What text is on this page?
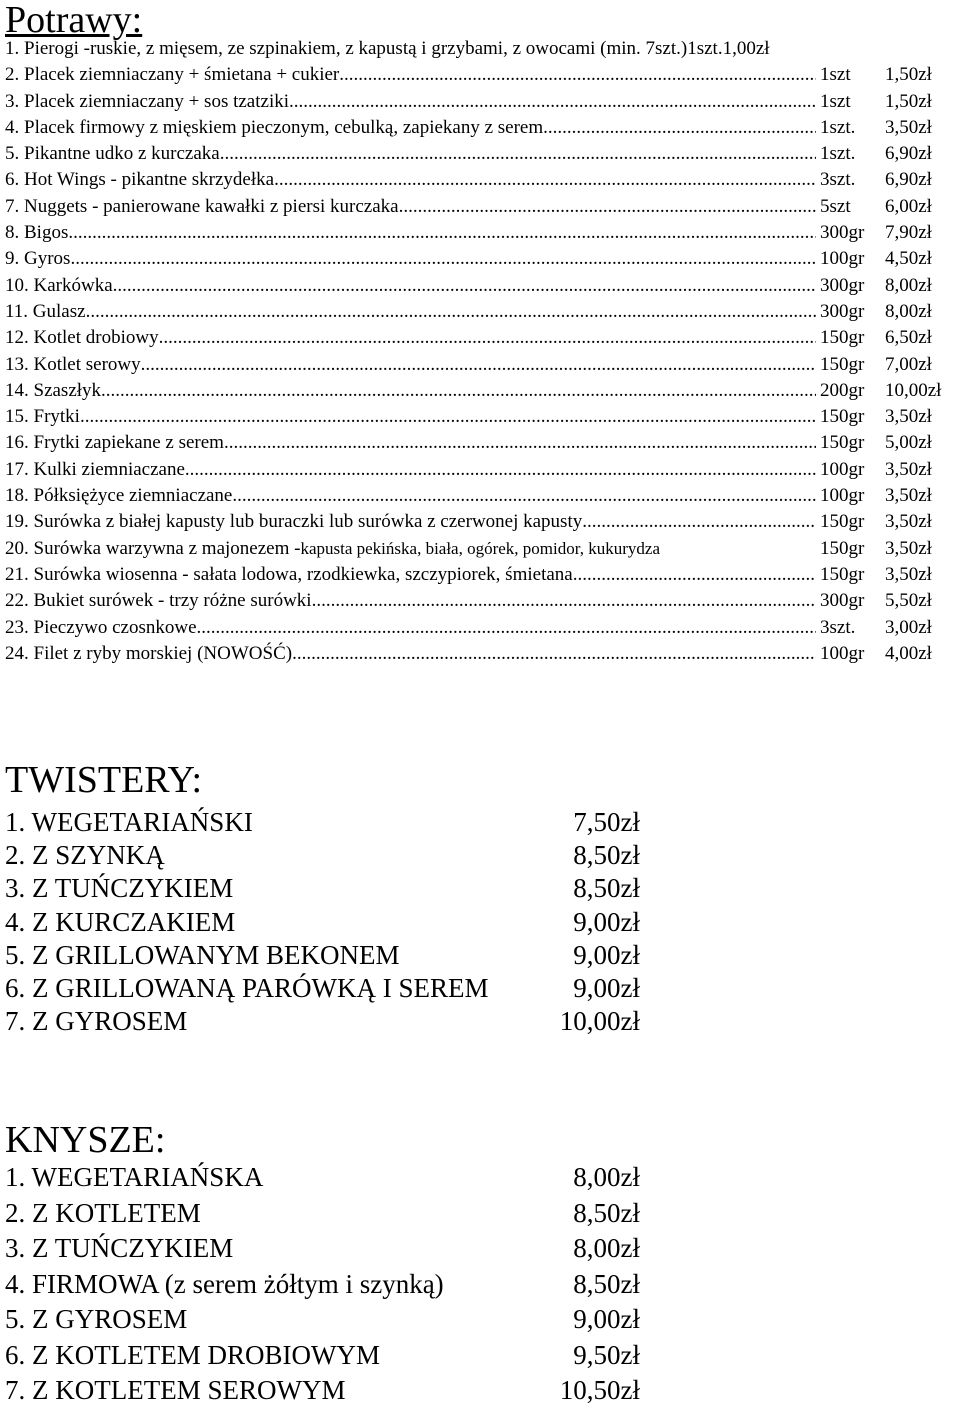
Potrawy:
1. Pierogi -ruskie, z mięsem, ze szpinakiem, z kapustą i grzybami, z owocami (min. 7szt.)1szt.1,00zł
2. Placek ziemniaczany + śmietana + cukier .....	1szt	1,50zł
3. Placek ziemniaczany + sos tzatziki .....	1szt	1,50zł
4. Placek firmowy z mięskiem pieczonym, cebulką, zapiekany z serem .....	1szt.	3,50zł
5. Pikantne udko z kurczaka .....	1szt.	6,90zł
6. Hot Wings - pikantne skrzydełka .....	3szt.	6,90zł
7. Nuggets - panierowane kawałki z piersi kurczaka .....	5szt	6,00zł
8. Bigos .....	300gr	7,90zł
9. Gyros .....	100gr	4,50zł
10. Karkówka .....	300gr	8,00zł
11. Gulasz .....	300gr	8,00zł
12. Kotlet drobiowy .....	150gr	6,50zł
13. Kotlet serowy .....	150gr	7,00zł
14. Szaszłyk .....	200gr	10,00zł
15. Frytki .....	150gr	3,50zł
16. Frytki zapiekane z serem .....	150gr	5,00zł
17. Kulki ziemniaczane .....	100gr	3,50zł
18. Półksiężyce ziemniaczane .....	100gr	3,50zł
19. Surówka z białej kapusty lub buraczki lub surówka z czerwonej kapusty .....	150gr	3,50zł
20. Surówka warzywna z majonezem - kapusta pekińska, biała, ogórek, pomidor, kukurydza	150gr	3,50zł
21. Surówka wiosenna - sałata lodowa, rzodkiewka, szczypiorek, śmietana .....	150gr	3,50zł
22. Bukiet surówek - trzy różne surówki .....	300gr	5,50zł
23. Pieczywo czosnkowe .....	3szt.	3,00zł
24. Filet z ryby morskiej (NOWOŚĆ) .....	100gr	4,00zł
TWISTERY:
1. WEGETARIAŃSKI	7,50zł
2. Z SZYNKĄ	8,50zł
3. Z TUŃCZYKIEM	8,50zł
4. Z KURCZAKIEM	9,00zł
5. Z GRILLOWANYM BEKONEM	9,00zł
6. Z GRILLOWANĄ PARÓWKĄ I SEREM	9,00zł
7. Z GYROSEM	10,00zł
KNYSZE:
1. WEGETARIAŃSKA	8,00zł
2. Z KOTLETEM	8,50zł
3. Z TUŃCZYKIEM	8,00zł
4. FIRMOWA (z serem żółtym i szynką)	8,50zł
5. Z GYROSEM	9,00zł
6. Z KOTLETEM DROBIOWYM	9,50zł
7. Z KOTLETEM SEROWYM	10,50zł
